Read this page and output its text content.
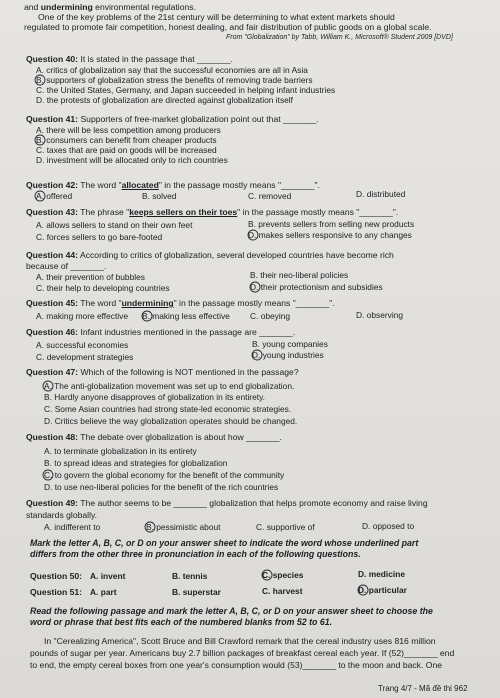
and undermining environmental regulations.
One of the key problems of the 21st century will be determining to what extent markets should
regulated to promote fair competition, honest dealing, and fair distribution of public goods on a global scale.
From "Globalization" by Tabb, William K., Microsoft® Student 2009 [DVD]
Question 40: It is stated in the passage that _______.
A. critics of globalization say that the successful economies are all in Asia
B. supporters of globalization stress the benefits of removing trade barriers
C. the United States, Germany, and Japan succeeded in helping infant industries
D. the protests of globalization are directed against globalization itself
Question 41: Supporters of free-market globalization point out that _______.
A. there will be less competition among producers
B. consumers can benefit from cheaper products
C. taxes that are paid on goods will be increased
D. investment will be allocated only to rich countries
Question 42: The word "allocated" in the passage mostly means "_______".
A. offered	B. solved	C. removed	D. distributed
Question 43: The phrase "keeps sellers on their toes" in the passage mostly means "_______".
A. allows sellers to stand on their own feet	B. prevents sellers from selling new products
C. forces sellers to go bare-footed	D. makes sellers responsive to any changes
Question 44: According to critics of globalization, several developed countries have become rich
because of _______.
A. their prevention of bubbles	B. their neo-liberal policies
C. their help to developing countries	D. their protectionism and subsidies
Question 45: The word "undermining" in the passage mostly means "_______".
A. making more effective B. making less effective C. obeying	D. observing
Question 46: Infant industries mentioned in the passage are _______.
A. successful economies	B. young companies
C. development strategies	D. young industries
Question 47: Which of the following is NOT mentioned in the passage?
A. The anti-globalization movement was set up to end globalization.
B. Hardly anyone disapproves of globalization in its entirety.
C. Some Asian countries had strong state-led economic strategies.
D. Critics believe the way globalization operates should be changed.
Question 48: The debate over globalization is about how _______.
A. to terminate globalization in its entirety
B. to spread ideas and strategies for globalization
C. to govern the global economy for the benefit of the community
D. to use neo-liberal policies for the benefit of the rich countries
Question 49: The author seems to be _______ globalization that helps promote economy and raise living
standards globally.
A. indifferent to	B. pessimistic about	C. supportive of	D. opposed to
Mark the letter A, B, C, or D on your answer sheet to indicate the word whose underlined part
differs from the other three in pronunciation in each of the following questions.
Question 50: A. invent	B. tennis	C. species	D. medicine
Question 51: A. part	B. superstar	C. harvest	D. particular
Read the following passage and mark the letter A, B, C, or D on your answer sheet to choose the
word or phrase that best fits each of the numbered blanks from 52 to 61.
In "Cerealizing America", Scott Bruce and Bill Crawford remark that the cereal industry uses 816 million
pounds of sugar per year. Americans buy 2.7 billion packages of breakfast cereal each year. If (52)_______ end
to end, the empty cereal boxes from one year's consumption would (53)_______ to the moon and back. One
Trang 4/7 - Mã đề thi 962
